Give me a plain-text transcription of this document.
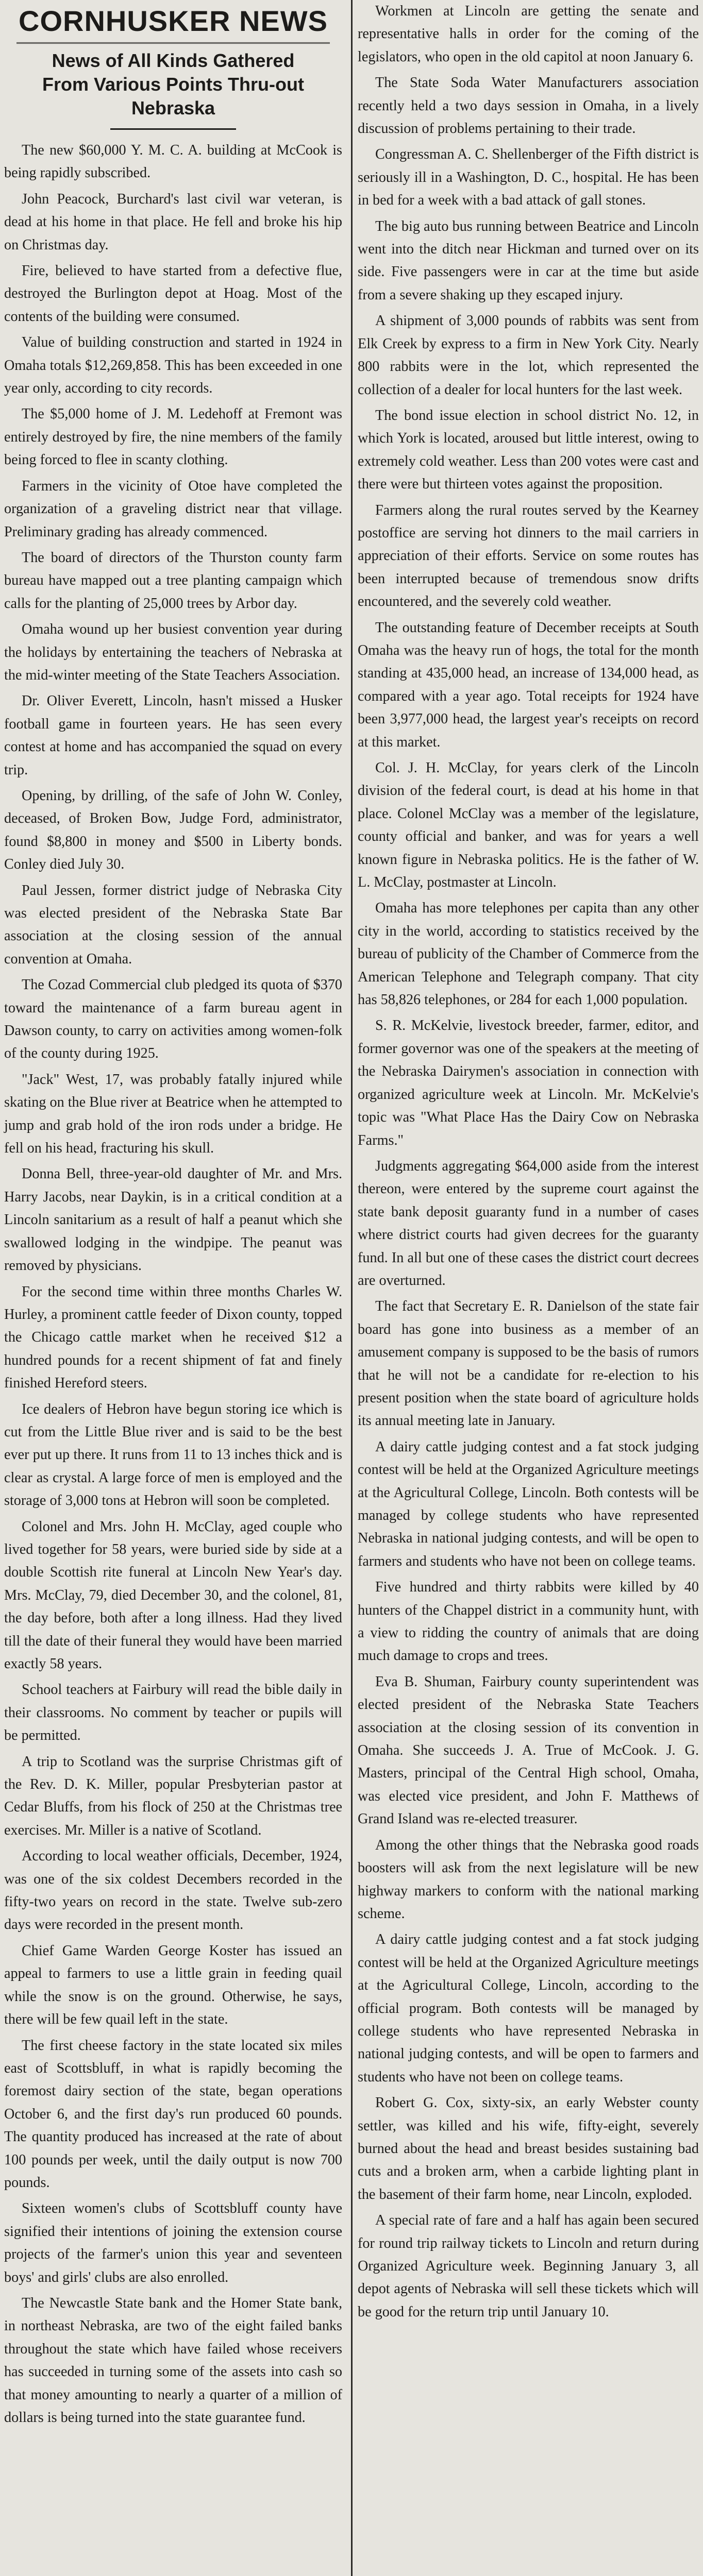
CORNHUSKER NEWS
News of All Kinds Gathered From Various Points Thru-out Nebraska

The new $60,000 Y. M. C. A. building at McCook is being rapidly subscribed.

John Peacock, Burchard's last civil war veteran, is dead at his home in that place. He fell and broke his hip on Christmas day.

Fire, believed to have started from a defective flue, destroyed the Burlington depot at Hoag. Most of the contents of the building were consumed.

Value of building construction and started in 1924 in Omaha totals $12,269,858. This has been exceeded in one year only, according to city records.

The $5,000 home of J. M. Ledehoff at Fremont was entirely destroyed by fire, the nine members of the family being forced to flee in scanty clothing.

Farmers in the vicinity of Otoe have completed the organization of a graveling district near that village. Preliminary grading has already commenced.

The board of directors of the Thurston county farm bureau have mapped out a tree planting campaign which calls for the planting of 25,000 trees by Arbor day.

Omaha wound up her busiest convention year during the holidays by entertaining the teachers of Nebraska at the mid-winter meeting of the State Teachers Association.

Dr. Oliver Everett, Lincoln, hasn't missed a Husker football game in fourteen years. He has seen every contest at home and has accompanied the squad on every trip.

Opening, by drilling, of the safe of John W. Conley, deceased, of Broken Bow, Judge Ford, administrator, found $8,800 in money and $500 in Liberty bonds. Conley died July 30.

Paul Jessen, former district judge of Nebraska City was elected president of the Nebraska State Bar association at the closing session of the annual convention at Omaha.

The Cozad Commercial club pledged its quota of $370 toward the maintenance of a farm bureau agent in Dawson county, to carry on activities among women-folk of the county during 1925.

"Jack" West, 17, was probably fatally injured while skating on the Blue river at Beatrice when he attempted to jump and grab hold of the iron rods under a bridge. He fell on his head, fracturing his skull.

Donna Bell, three-year-old daughter of Mr. and Mrs. Harry Jacobs, near Daykin, is in a critical condition at a Lincoln sanitarium as a result of half a peanut which she swallowed lodging in the windpipe. The peanut was removed by physicians.

For the second time within three months Charles W. Hurley, a prominent cattle feeder of Dixon county, topped the Chicago cattle market when he received $12 a hundred pounds for a recent shipment of fat and finely finished Hereford steers.

Ice dealers of Hebron have begun storing ice which is cut from the Little Blue river and is said to be the best ever put up there. It runs from 11 to 13 inches thick and is clear as crystal. A large force of men is employed and the storage of 3,000 tons at Hebron will soon be completed.

Colonel and Mrs. John H. McClay, aged couple who lived together for 58 years, were buried side by side at a double Scottish rite funeral at Lincoln New Year's day. Mrs. McClay, 79, died December 30, and the colonel, 81, the day before, both after a long illness. Had they lived till the date of their funeral they would have been married exactly 58 years.

School teachers at Fairbury will read the bible daily in their classrooms. No comment by teacher or pupils will be permitted.

A trip to Scotland was the surprise Christmas gift of the Rev. D. K. Miller, popular Presbyterian pastor at Cedar Bluffs, from his flock of 250 at the Christmas tree exercises. Mr. Miller is a native of Scotland.

According to local weather officials, December, 1924, was one of the six coldest Decembers recorded in the fifty-two years on record in the state. Twelve sub-zero days were recorded in the present month.

Chief Game Warden George Koster has issued an appeal to farmers to use a little grain in feeding quail while the snow is on the ground. Otherwise, he says, there will be few quail left in the state.

The first cheese factory in the state located six miles east of Scottsbluff, in what is rapidly becoming the foremost dairy section of the state, began operations October 6, and the first day's run produced 60 pounds. The quantity produced has increased at the rate of about 100 pounds per week, until the daily output is now 700 pounds.

Sixteen women's clubs of Scottsbluff county have signified their intentions of joining the extension course projects of the farmer's union this year and seventeen boys' and girls' clubs are also enrolled.

The Newcastle State bank and the Homer State bank, in northeast Nebraska, are two of the eight failed banks throughout the state which have failed whose receivers has succeeded in turning some of the assets into cash so that money amounting to nearly a quarter of a million of dollars is being turned into the state guarantee fund.

Workmen at Lincoln are getting the senate and representative halls in order for the coming of the legislators, who open in the old capitol at noon January 6.

The State Soda Water Manufacturers association recently held a two days session in Omaha, in a lively discussion of problems pertaining to their trade.

Congressman A. C. Shellenberger of the Fifth district is seriously ill in a Washington, D. C., hospital. He has been in bed for a week with a bad attack of gall stones.

The big auto bus running between Beatrice and Lincoln went into the ditch near Hickman and turned over on its side. Five passengers were in car at the time but aside from a severe shaking up they escaped injury.

A shipment of 3,000 pounds of rabbits was sent from Elk Creek by express to a firm in New York City. Nearly 800 rabbits were in the lot, which represented the collection of a dealer for local hunters for the last week.

The bond issue election in school district No. 12, in which York is located, aroused but little interest, owing to extremely cold weather. Less than 200 votes were cast and there were but thirteen votes against the proposition.

Farmers along the rural routes served by the Kearney postoffice are serving hot dinners to the mail carriers in appreciation of their efforts. Service on some routes has been interrupted because of tremendous snow drifts encountered, and the severely cold weather.

The outstanding feature of December receipts at South Omaha was the heavy run of hogs, the total for the month standing at 435,000 head, an increase of 134,000 head, as compared with a year ago. Total receipts for 1924 have been 3,977,000 head, the largest year's receipts on record at this market.

Col. J. H. McClay, for years clerk of the Lincoln division of the federal court, is dead at his home in that place. Colonel McClay was a member of the legislature, county official and banker, and was for years a well known figure in Nebraska politics. He is the father of W. L. McClay, postmaster at Lincoln.

Omaha has more telephones per capita than any other city in the world, according to statistics received by the bureau of publicity of the Chamber of Commerce from the American Telephone and Telegraph company. That city has 58,826 telephones, or 284 for each 1,000 population.

S. R. McKelvie, livestock breeder, farmer, editor, and former governor was one of the speakers at the meeting of the Nebraska Dairymen's association in connection with organized agriculture week at Lincoln. Mr. McKelvie's topic was "What Place Has the Dairy Cow on Nebraska Farms."

Judgments aggregating $64,000 aside from the interest thereon, were entered by the supreme court against the state bank deposit guaranty fund in a number of cases where district courts had given decrees for the guaranty fund. In all but one of these cases the district court decrees are overturned.

The fact that Secretary E. R. Danielson of the state fair board has gone into business as a member of an amusement company is supposed to be the basis of rumors that he will not be a candidate for re-election to his present position when the state board of agriculture holds its annual meeting late in January.

A dairy cattle judging contest and a fat stock judging contest will be held at the Organized Agriculture meetings at the Agricultural College, Lincoln. Both contests will be managed by college students who have represented Nebraska in national judging contests, and will be open to farmers and students who have not been on college teams.

Five hundred and thirty rabbits were killed by 40 hunters of the Chappel district in a community hunt, with a view to ridding the country of animals that are doing much damage to crops and trees.

Eva B. Shuman, Fairbury county superintendent was elected president of the Nebraska State Teachers association at the closing session of its convention in Omaha. She succeeds J. A. True of McCook. J. G. Masters, principal of the Central High school, Omaha, was elected vice president, and John F. Matthews of Grand Island was re-elected treasurer.

Among the other things that the Nebraska good roads boosters will ask from the next legislature will be new highway markers to conform with the national marking scheme.

A dairy cattle judging contest and a fat stock judging contest will be held at the Organized Agriculture meetings at the Agricultural College, Lincoln, according to the official program. Both contests will be managed by college students who have represented Nebraska in national judging contests, and will be open to farmers and students who have not been on college teams.

Robert G. Cox, sixty-six, an early Webster county settler, was killed and his wife, fifty-eight, severely burned about the head and breast besides sustaining bad cuts and a broken arm, when a carbide lighting plant in the basement of their farm home, near Lincoln, exploded.

A special rate of fare and a half has again been secured for round trip railway tickets to Lincoln and return during Organized Agriculture week. Beginning January 3, all depot agents of Nebraska will sell these tickets which will be good for the return trip until January 10.
